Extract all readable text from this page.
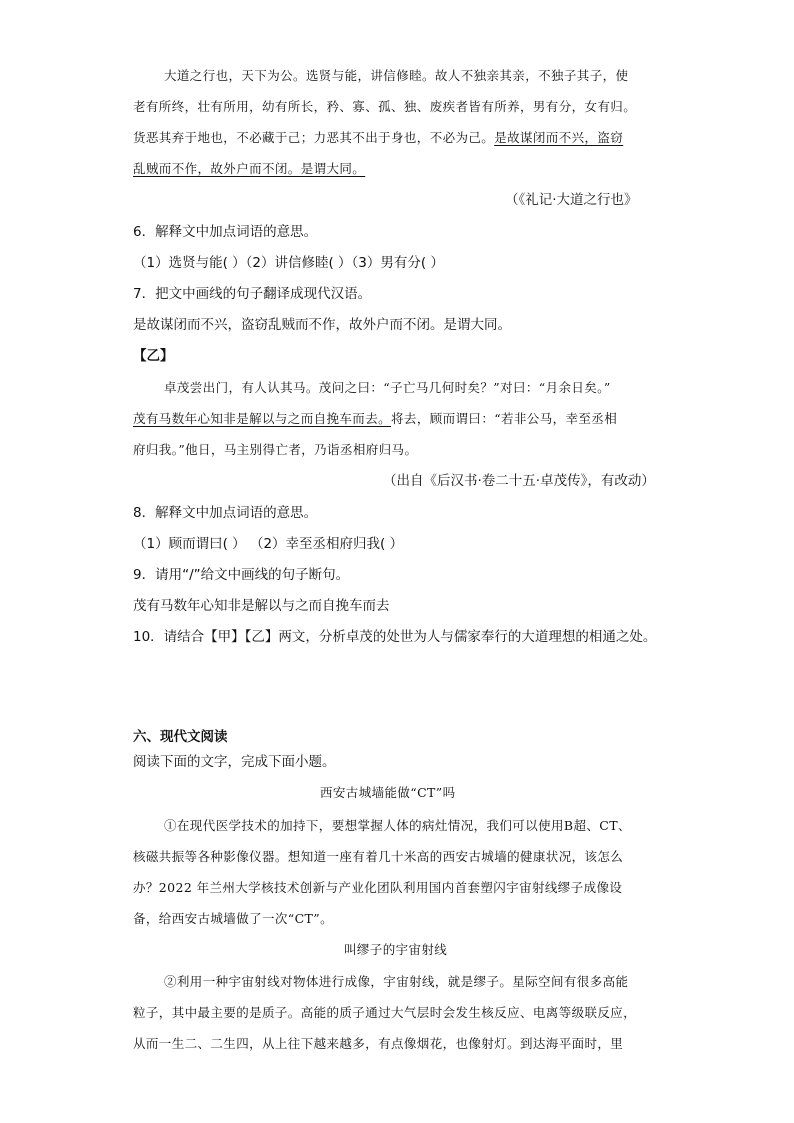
大道之行也，天下为公。选贤与能，讲信修睦。故人不独亲其亲，不独子其子，使
老有所终，壮有所用，幼有所长，矜、寡、孤、独、废疾者皆有所养，男有分，女有归。
货恶其弃于地也，不必藏于己；力恶其不出于身也，不必为己。是故谋闭而不兴，盗窃
乱贼而不作，故外户而不闭。是谓大同。
（《礼记·大道之行也》
6．解释文中加点词语的意思。
（1）选贤与能( ）（2）讲信修睦( ）（3）男有分( ）
7．把文中画线的句子翻译成现代汉语。
是故谋闭而不兴，盗窃乱贼而不作，故外户而不闭。是谓大同。
【乙】
卓茂尝出门，有人认其马。茂问之曰：“子亡马几何时矣？”对曰：“月余日矣。”
茂有马数年心知非是解以与之而自挽车而去。将去，顾而谓曰：“若非公马，幸至丞相
府归我。”他日，马主别得亡者，乃诣丞相府归马。
（出自《后汉书·卷二十五·卓茂传》，有改动）
8．解释文中加点词语的意思。
（1）顾而谓曰( ） （2）幸至丞相府归我( ）
9．请用“/”给文中画线的句子断句。
茂有马数年心知非是解以与之而自挽车而去
10．请结合【甲】【乙】两文，分析卓茂的处世为人与儒家奉行的大道理想的相通之处。
六、现代文阅读
阅读下面的文字，完成下面小题。
西安古城墙能做“CT”吗
①在现代医学技术的加持下，要想掌握人体的病灶情况，我们可以使用B超、CT、
核磁共振等各种影像仪器。想知道一座有着几十米高的西安古城墙的健康状况，该怎么
办？2022 年兰州大学核技术创新与产业化团队利用国内首套塑闪宇宙射线缪子成像设
备，给西安古城墙做了一次“CT”。
叫缪子的宇宙射线
②利用一种宇宙射线对物体进行成像，宇宙射线，就是缪子。星际空间有很多高能
粒子，其中最主要的是质子。高能的质子通过大气层时会发生核反应、电离等级联反应，
从而一生二、二生四，从上往下越来越多，有点像烟花，也像射灯。到达海平面时，里
